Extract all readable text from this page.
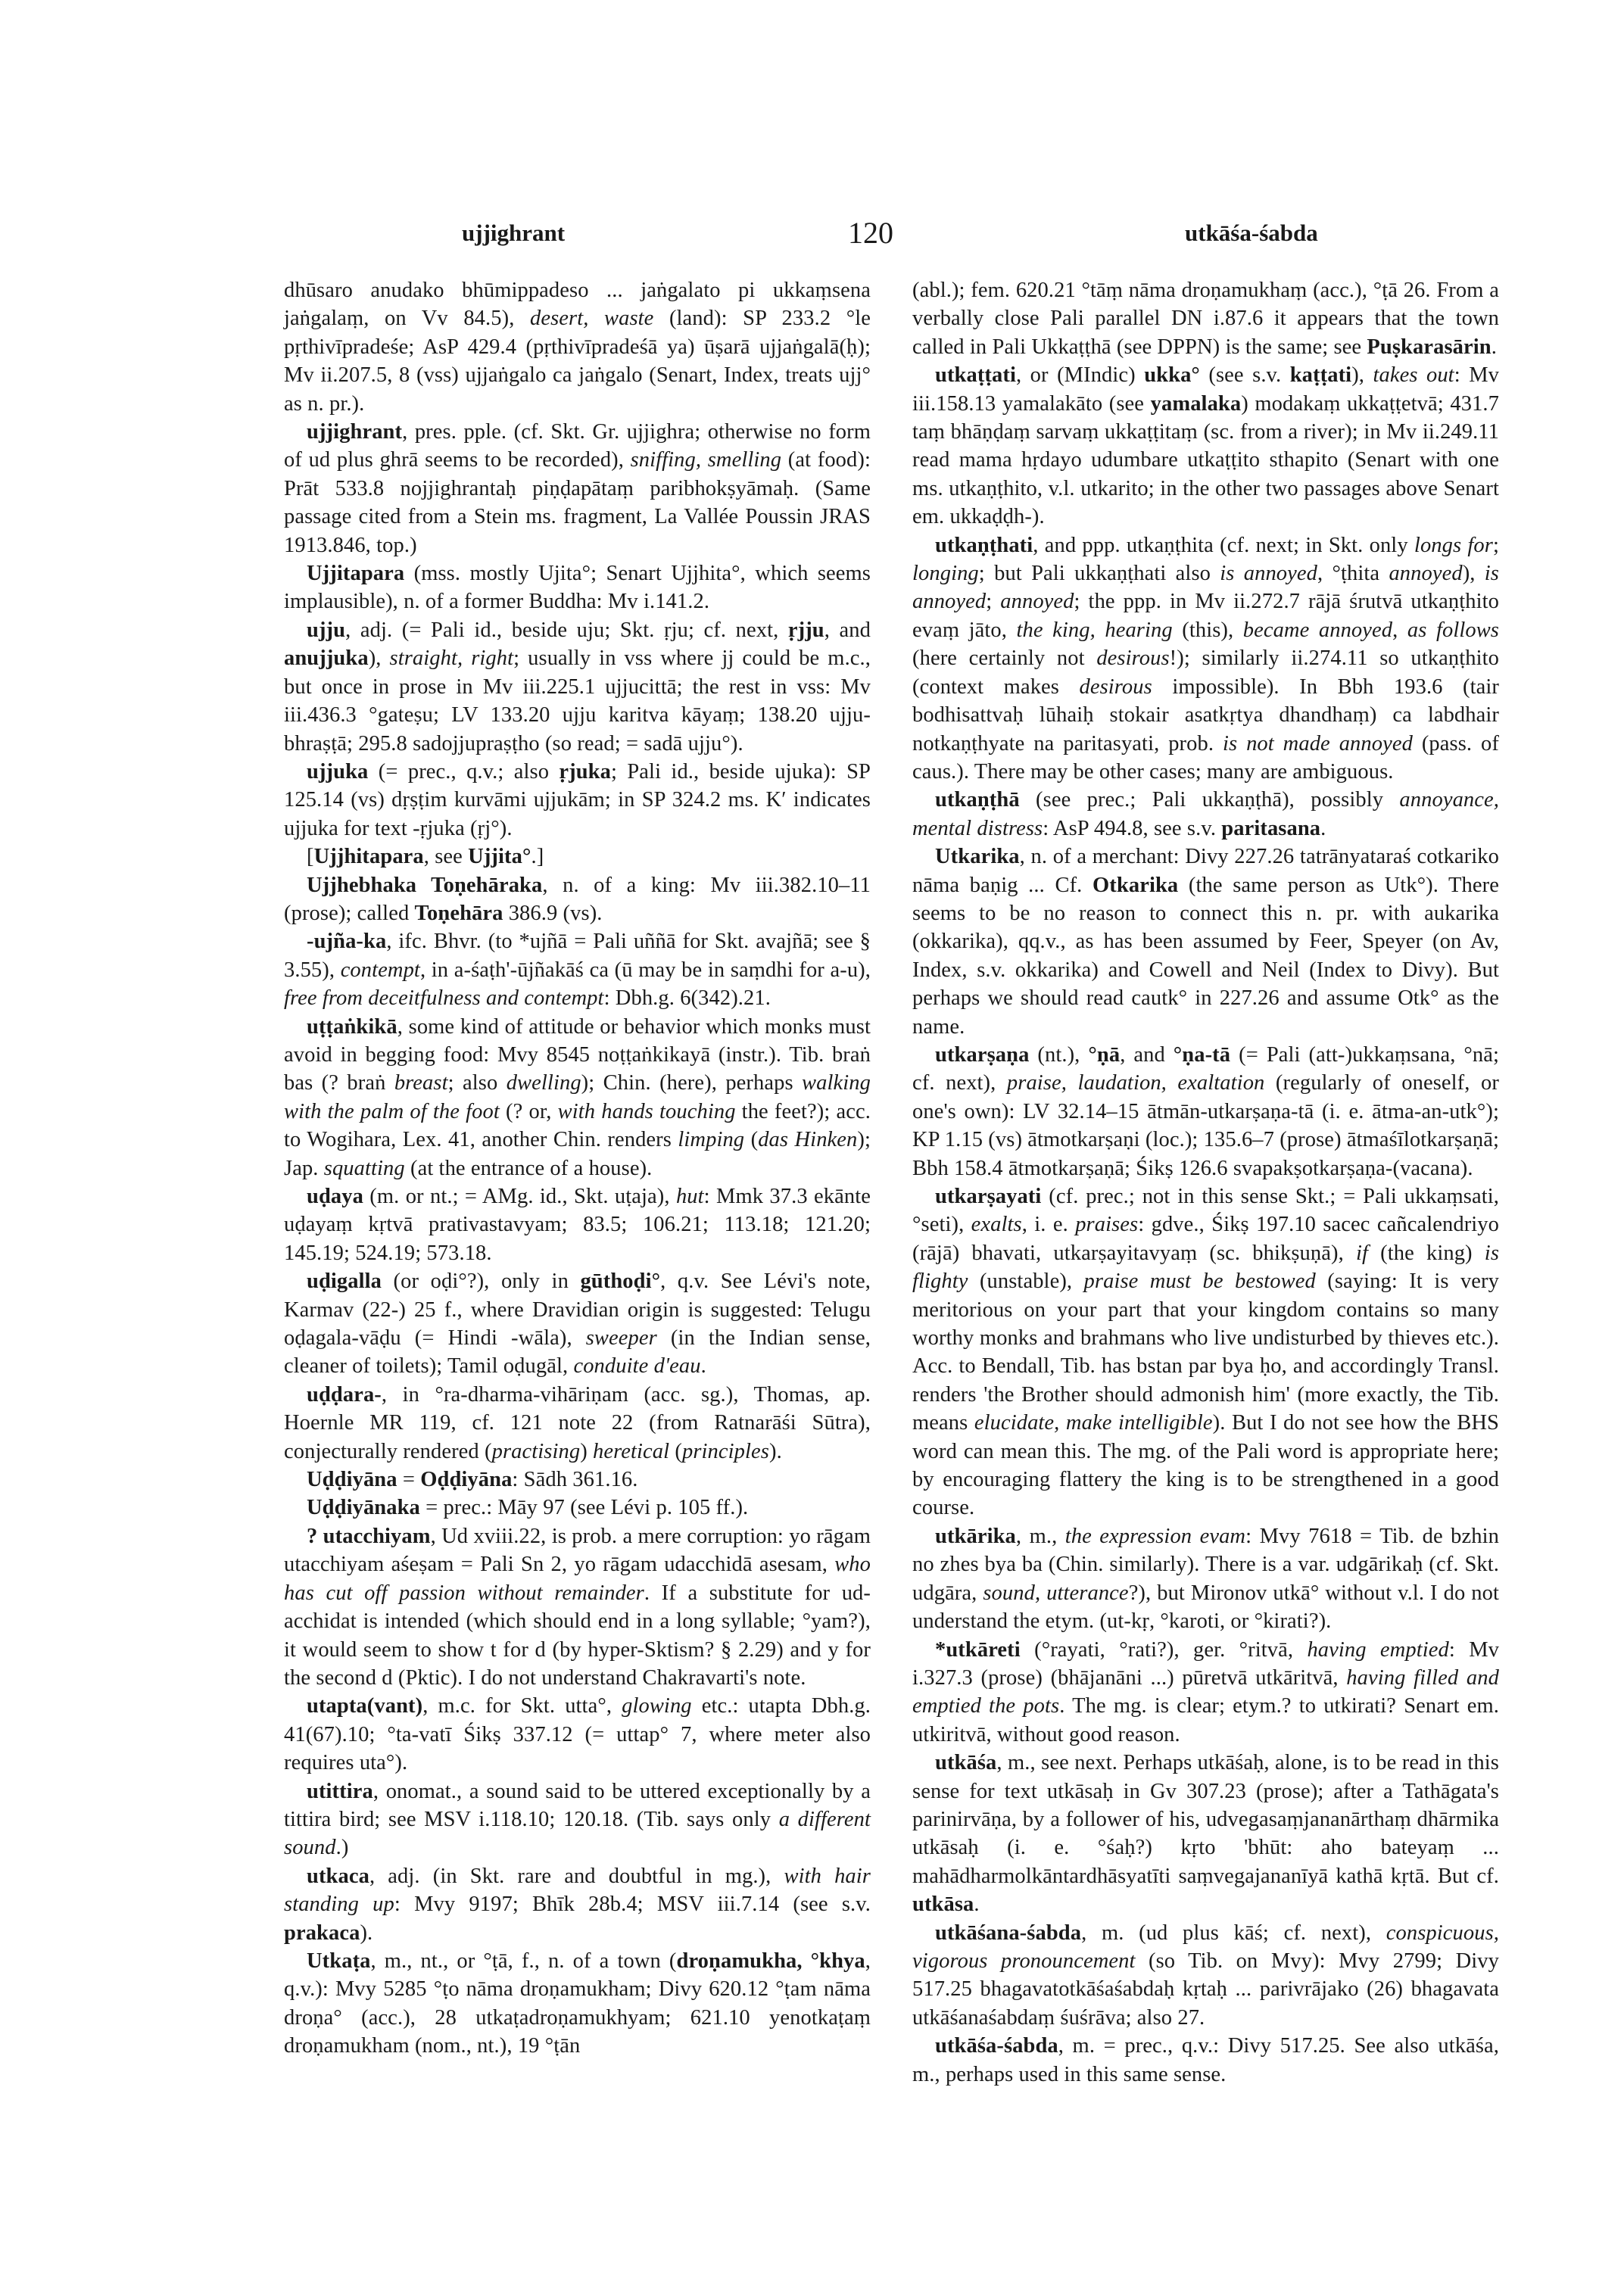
ujjighrant	120	utkāśa-śabda

dhūsaro anudako bhūmippadeso ... jaṅgalato pi ukkaṃsena jaṅgalaṃ, on Vv 84.5), desert, waste (land): SP 233.2 °le pṛthivīpradeśe; AsP 429.4 (pṛthivīpradeśā ya) ūṣarā ujjaṅgalā(ḥ); Mv ii.207.5, 8 (vss) ujjaṅgalo ca jaṅgalo (Senart, Index, treats ujj° as n. pr.).

ujjighrant, pres. pple. (cf. Skt. Gr. ujjighra; otherwise no form of ud plus ghrā seems to be recorded), sniffing, smelling (at food): Prāt 533.8 nojjighrantaḥ piṇḍapātaṃ paribhokṣyāmaḥ. (Same passage cited from a Stein ms. fragment, La Vallée Poussin JRAS 1913.846, top.)

Ujjitapara (mss. mostly Ujita°; Senart Ujjhita°, which seems implausible), n. of a former Buddha: Mv i.141.2.

ujju, adj. (= Pali id., beside uju; Skt. ṛju; cf. next, ṛjju, and anujjuka), straight, right; usually in vss where jj could be m.c., but once in prose in Mv iii.225.1 ujjucittā; the rest in vss: Mv iii.436.3 °gateṣu; LV 133.20 ujju karitva kāyaṃ; 138.20 ujju-bhraṣṭā; 295.8 sadojjupraṣṭho (so read; = sadā ujju°).

ujjuka (= prec., q.v.; also ṛjuka; Pali id., beside ujuka): SP 125.14 (vs) dṛṣṭim kurvāmi ujjukām; in SP 324.2 ms. K′ indicates ujjuka for text -ṛjuka (ṛj°).

[Ujjhitapara, see Ujjita°.]

Ujjhebhaka Toṇehāraka, n. of a king: Mv iii.382.10–11 (prose); called Toṇehāra 386.9 (vs).

-ujña-ka, ifc. Bhvr. (to *ujñā = Pali uññā for Skt. avajñā; see § 3.55), contempt, in a-śaṭh'-ūjñakāś ca (ū may be in saṃdhi for a-u), free from deceitfulness and contempt: Dbh.g. 6(342).21.

uṭṭaṅkikā, some kind of attitude or behavior which monks must avoid in begging food: Mvy 8545 noṭṭaṅkikayā (instr.). Tib. braṅ bas (? braṅ breast; also dwelling); Chin. (here), perhaps walking with the palm of the foot (? or, with hands touching the feet?); acc. to Wogihara, Lex. 41, another Chin. renders limping (das Hinken); Jap. squatting (at the entrance of a house).

uḍaya (m. or nt.; = AMg. id., Skt. uṭaja), hut: Mmk 37.3 ekānte uḍayaṃ kṛtvā prativastavyam; 83.5; 106.21; 113.18; 121.20; 145.19; 524.19; 573.18.

uḍigalla (or oḍi°?), only in gūthoḍi°, q.v. See Lévi's note, Karmav (22-) 25 f., where Dravidian origin is suggested: Telugu oḍagala-vāḍu (= Hindi -wāla), sweeper (in the Indian sense, cleaner of toilets); Tamil oḍugāl, conduite d'eau.

uḍḍara-, in °ra-dharma-vihāriṇam (acc. sg.), Thomas, ap. Hoernle MR 119, cf. 121 note 22 (from Ratnarāśi Sūtra), conjecturally rendered (practising) heretical (principles).

Uḍḍiyāna = Oḍḍiyāna: Sādh 361.16.

Uḍḍiyānaka = prec.: Māy 97 (see Lévi p. 105 ff.).

? utacchiyam, Ud xviii.22, is prob. a mere corruption: yo rāgam utacchiyam aśeṣam = Pali Sn 2, yo rāgam udacchidā asesam, who has cut off passion without remainder. If a substitute for ud-acchidat is intended (which should end in a long syllable; °yam?), it would seem to show t for d (by hyper-Sktism? § 2.29) and y for the second d (Pktic). I do not understand Chakravarti's note.

utapta(vant), m.c. for Skt. utta°, glowing etc.: utapta Dbh.g. 41(67).10; °ta-vatī Śikṣ 337.12 (= uttap° 7, where meter also requires uta°).

utittira, onomat., a sound said to be uttered exceptionally by a tittira bird; see MSV i.118.10; 120.18. (Tib. says only a different sound.)

utkaca, adj. (in Skt. rare and doubtful in mg.), with hair standing up: Mvy 9197; Bhīk 28b.4; MSV iii.7.14 (see s.v. prakaca).

Utkaṭa, m., nt., or °ṭā, f., n. of a town (droṇamukha, °khya, q.v.): Mvy 5285 °ṭo nāma droṇamukham; Divy 620.12 °ṭam nāma droṇa° (acc.), 28 utkaṭadroṇamukhyam; 621.10 yenotkaṭaṃ droṇamukham (nom., nt.), 19 °ṭān

(abl.); fem. 620.21 °tāṃ nāma droṇamukhaṃ (acc.), °ṭā 26. From a verbally close Pali parallel DN i.87.6 it appears that the town called in Pali Ukkaṭṭhā (see DPPN) is the same; see Puṣkarasārin.

utkaṭṭati, or (MIndic) ukka° (see s.v. kaṭṭati), takes out: Mv iii.158.13 yamalakāto (see yamalaka) modakaṃ ukkaṭṭetvā; 431.7 taṃ bhāṇḍaṃ sarvaṃ ukkaṭṭitaṃ (sc. from a river); in Mv ii.249.11 read mama hṛdayo udumbare utkaṭṭito sthapito (Senart with one ms. utkaṇṭhito, v.l. utkarito; in the other two passages above Senart em. ukkaḍḍh-).

utkaṇṭhati, and ppp. utkaṇṭhita (cf. next; in Skt. only longs for; longing; but Pali ukkaṇṭhati also is annoyed, °ṭhita annoyed), is annoyed; annoyed; the ppp. in Mv ii.272.7 rājā śrutvā utkaṇṭhito evaṃ jāto, the king, hearing (this), became annoyed, as follows (here certainly not desirous!); similarly ii.274.11 so utkaṇṭhito (context makes desirous impossible). In Bbh 193.6 (tair bodhisattvaḥ lūhaiḥ stokair asatkṛtya dhandhaṃ) ca labdhair notkaṇṭhyate na paritasyati, prob. is not made annoyed (pass. of caus.). There may be other cases; many are ambiguous.

utkaṇṭhā (see prec.; Pali ukkaṇṭhā), possibly annoyance, mental distress: AsP 494.8, see s.v. paritasana.

Utkarika, n. of a merchant: Divy 227.26 tatrānyataraś cotkariko nāma baṇig ... Cf. Otkarika (the same person as Utk°). There seems to be no reason to connect this n. pr. with aukarika (okkarika), qq.v., as has been assumed by Feer, Speyer (on Av, Index, s.v. okkarika) and Cowell and Neil (Index to Divy). But perhaps we should read cautk° in 227.26 and assume Otk° as the name.

utkarṣaṇa (nt.), °ṇā, and °ṇa-tā (= Pali (att-)ukkaṃsana, °nā; cf. next), praise, laudation, exaltation (regularly of oneself, or one's own): LV 32.14–15 ātmān-utkarṣaṇa-tā (i. e. ātma-an-utk°); KP 1.15 (vs) ātmotkarṣaṇi (loc.); 135.6–7 (prose) ātmaśīlotkarṣaṇā; Bbh 158.4 ātmotkarṣaṇā; Śikṣ 126.6 svapakṣotkarṣaṇa-(vacana).

utkarṣayati (cf. prec.; not in this sense Skt.; = Pali ukkaṃsati, °seti), exalts, i. e. praises: gdve., Śikṣ 197.10 sacec cañcalendriyo (rājā) bhavati, utkarṣayitavyaṃ (sc. bhikṣuṇā), if (the king) is flighty (unstable), praise must be bestowed (saying: It is very meritorious on your part that your kingdom contains so many worthy monks and brahmans who live undisturbed by thieves etc.). Acc. to Bendall, Tib. has bstan par bya ḥo, and accordingly Transl. renders 'the Brother should admonish him' (more exactly, the Tib. means elucidate, make intelligible). But I do not see how the BHS word can mean this. The mg. of the Pali word is appropriate here; by encouraging flattery the king is to be strengthened in a good course.

utkārika, m., the expression evam: Mvy 7618 = Tib. de bzhin no zhes bya ba (Chin. similarly). There is a var. udgārikaḥ (cf. Skt. udgāra, sound, utterance?), but Mironov utkā° without v.l. I do not understand the etym. (ut-kṛ, °karoti, or °kirati?).

*utkāreti (°rayati, °rati?), ger. °ritvā, having emptied: Mv i.327.3 (prose) (bhājanāni ...) pūretvā utkāritvā, having filled and emptied the pots. The mg. is clear; etym.? to utkirati? Senart em. utkiritvā, without good reason.

utkāśa, m., see next. Perhaps utkāśaḥ, alone, is to be read in this sense for text utkāsaḥ in Gv 307.23 (prose); after a Tathāgata's parinirvāṇa, by a follower of his, udvegasaṃjananārthaṃ dhārmika utkāsaḥ (i. e. °śaḥ?) kṛto 'bhūt: aho bateyaṃ ... mahādharmolkāntardhāsyatīti saṃvegajananīyā kathā kṛtā. But cf. utkāsa.

utkāśana-śabda, m. (ud plus kāś; cf. next), conspicuous, vigorous pronouncement (so Tib. on Mvy): Mvy 2799; Divy 517.25 bhagavatotkāśaśabdaḥ kṛtaḥ ... parivrājako (26) bhagavata utkāśanaśabdaṃ śuśrāva; also 27.

utkāśa-śabda, m. = prec., q.v.: Divy 517.25. See also utkāśa, m., perhaps used in this same sense.
